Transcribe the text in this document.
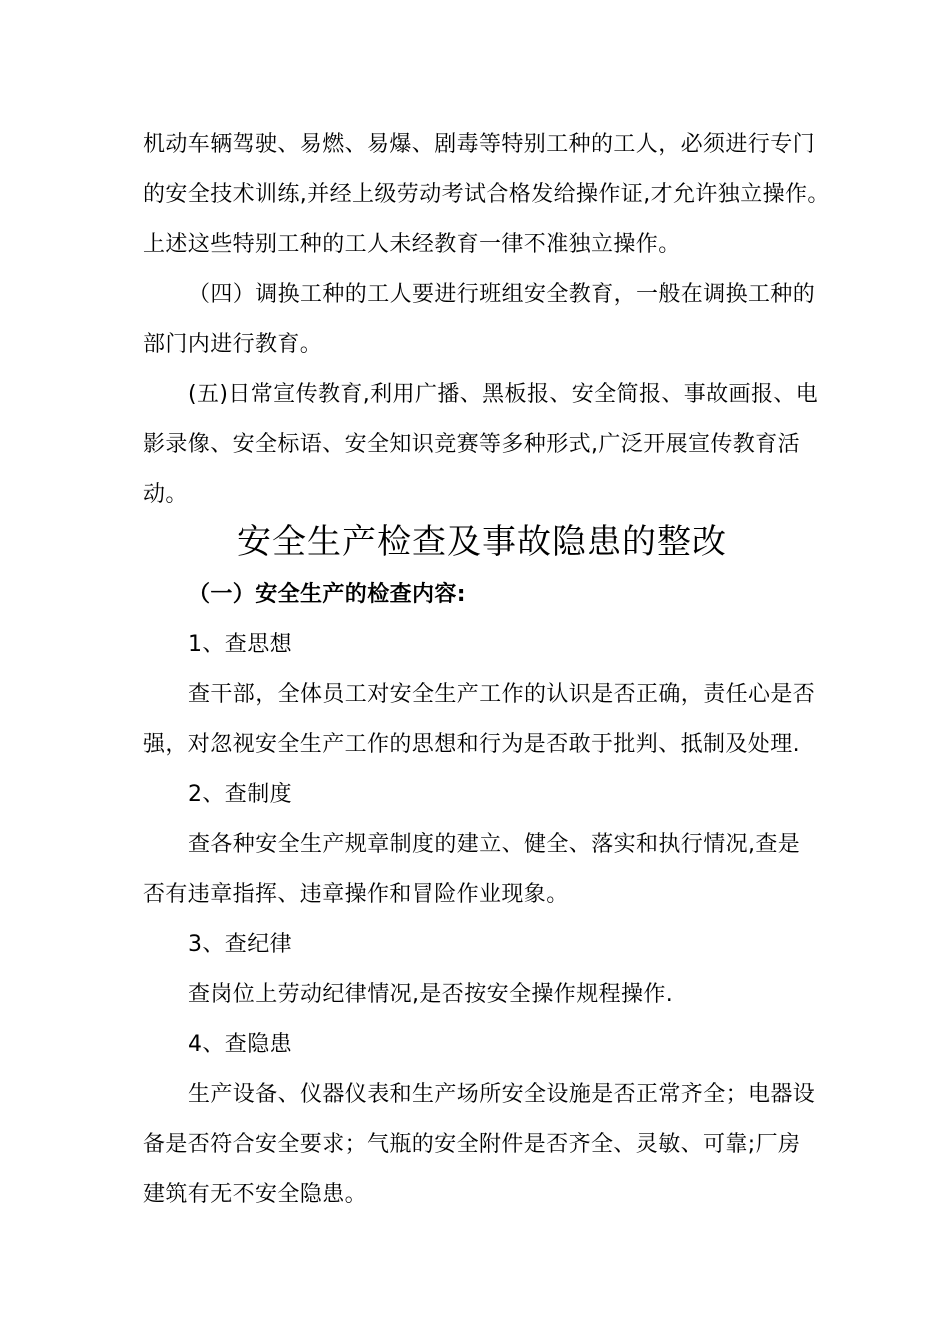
机动车辆驾驶、易燃、易爆、剧毒等特别工种的工人，必须进行专门
的安全技术训练,并经上级劳动考试合格发给操作证,才允许独立操作。
上述这些特别工种的工人未经教育一律不准独立操作。
（四）调换工种的工人要进行班组安全教育，一般在调换工种的
部门内进行教育。
(五)日常宣传教育,利用广播、黑板报、安全简报、事故画报、电
影录像、安全标语、安全知识竞赛等多种形式,广泛开展宣传教育活
动。
安全生产检查及事故隐患的整改
（一）安全生产的检查内容:
1、查思想
查干部，全体员工对安全生产工作的认识是否正确，责任心是否
强，对忽视安全生产工作的思想和行为是否敢于批判、抵制及处理.
2、查制度
查各种安全生产规章制度的建立、健全、落实和执行情况,查是
否有违章指挥、违章操作和冒险作业现象。
3、查纪律
查岗位上劳动纪律情况,是否按安全操作规程操作.
4、查隐患
生产设备、仪器仪表和生产场所安全设施是否正常齐全；电器设
备是否符合安全要求；气瓶的安全附件是否齐全、灵敏、可靠;厂房
建筑有无不安全隐患。
